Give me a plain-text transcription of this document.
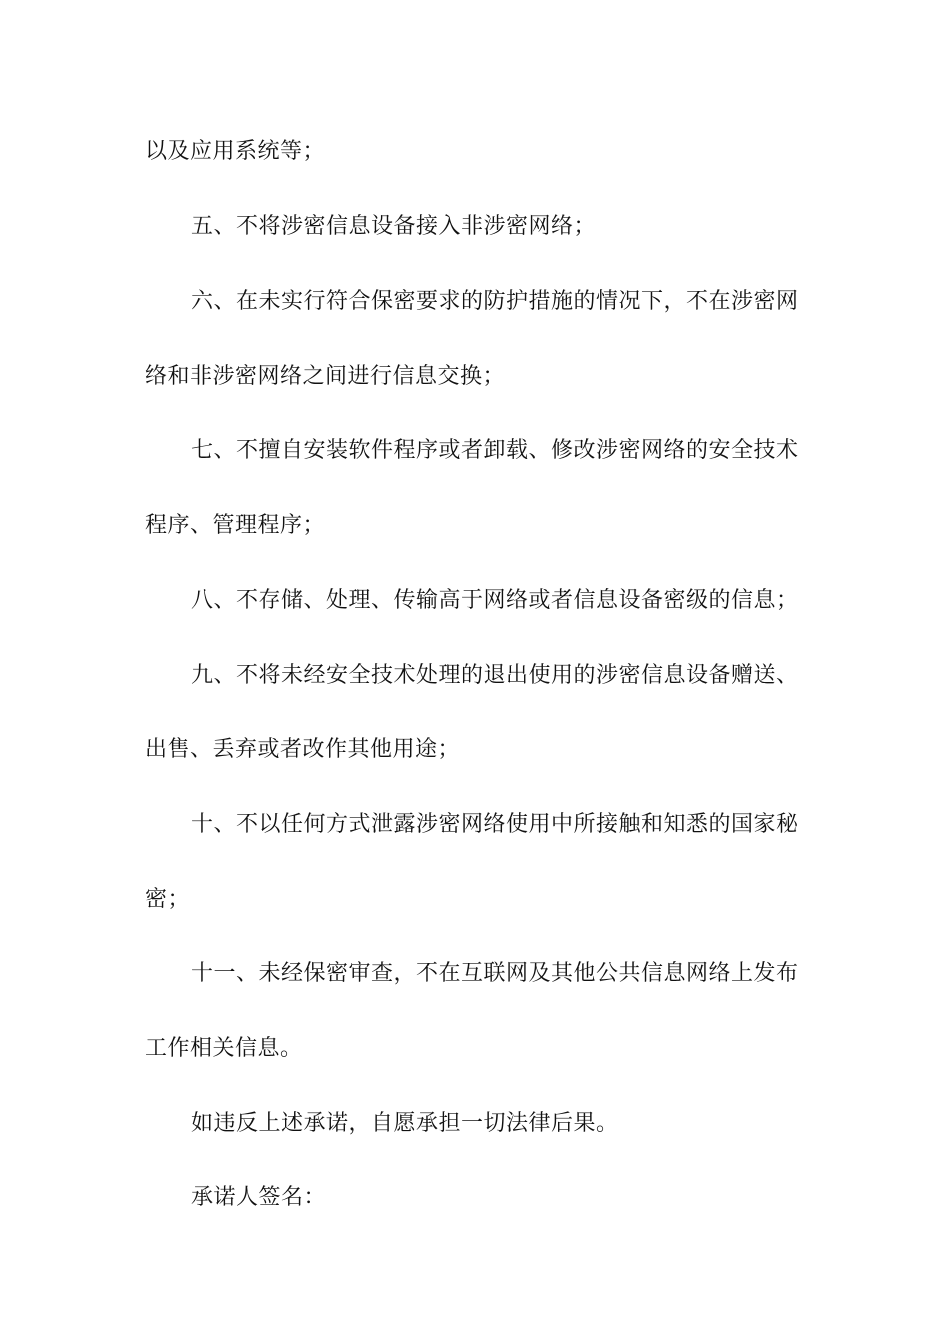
以及应用系统等；
五、不将涉密信息设备接入非涉密网络；
六、在未实行符合保密要求的防护措施的情况下，不在涉密网
络和非涉密网络之间进行信息交换；
七、不擅自安装软件程序或者卸载、修改涉密网络的安全技术
程序、管理程序；
八、不存储、处理、传输高于网络或者信息设备密级的信息；
九、不将未经安全技术处理的退出使用的涉密信息设备赠送、
出售、丢弃或者改作其他用途；
十、不以任何方式泄露涉密网络使用中所接触和知悉的国家秘
密；
十一、未经保密审查，不在互联网及其他公共信息网络上发布
工作相关信息。
如违反上述承诺，自愿承担一切法律后果。
承诺人签名：
